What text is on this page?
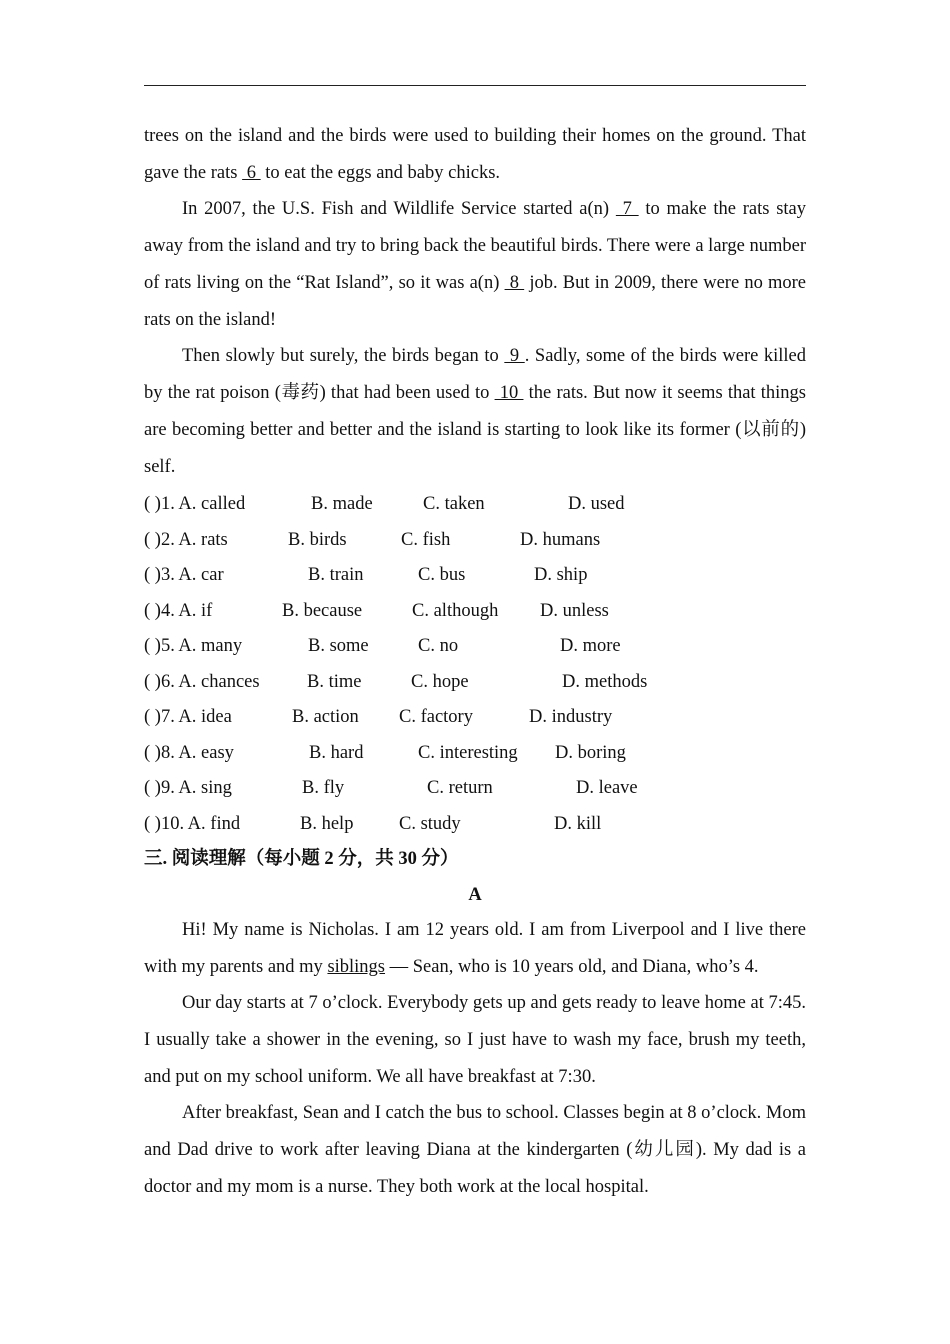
trees on the island and the birds were used to building their homes on the ground. That gave the rats  6  to eat the eggs and baby chicks.

In 2007, the U.S. Fish and Wildlife Service started a(n)  7  to make the rats stay away from the island and try to bring back the beautiful birds. There were a large number of rats living on the “Rat Island”, so it was a(n)  8  job. But in 2009, there were no more rats on the island!

Then slowly but surely, the birds began to  9 . Sadly, some of the birds were killed by the rat poison (毒药) that had been used to  10  the rats. But now it seems that things are becoming better and better and the island is starting to look like its former (以前的) self.

( )1. A. called	B. made	C. taken	D. used
( )2. A. rats	B. birds	C. fish	D. humans
( )3. A. car	B. train	C. bus	D. ship
( )4. A. if	B. because	C. although D. unless
( )5. A. many	B. some	C. no	D. more
( )6. A. chances	B. time	C. hope	D. methods
( )7. A. idea	B. action C. factory	D. industry
( )8. A. easy	B. hard	C. interesting D. boring
( )9. A. sing	B. fly	C. return	D. leave
( )10. A. find	B. help C. study	D. kill
三. 阅读理解（每小题 2 分，共 30 分）
A

Hi! My name is Nicholas. I am 12 years old. I am from Liverpool and I live there with my parents and my siblings — Sean, who is 10 years old, and Diana, who’s 4.

Our day starts at 7 o’clock. Everybody gets up and gets ready to leave home at 7:45. I usually take a shower in the evening, so I just have to wash my face, brush my teeth, and put on my school uniform. We all have breakfast at 7:30.

After breakfast, Sean and I catch the bus to school. Classes begin at 8 o’clock. Mom and Dad drive to work after leaving Diana at the kindergarten (幼儿园). My dad is a doctor and my mom is a nurse. They both work at the local hospital.
